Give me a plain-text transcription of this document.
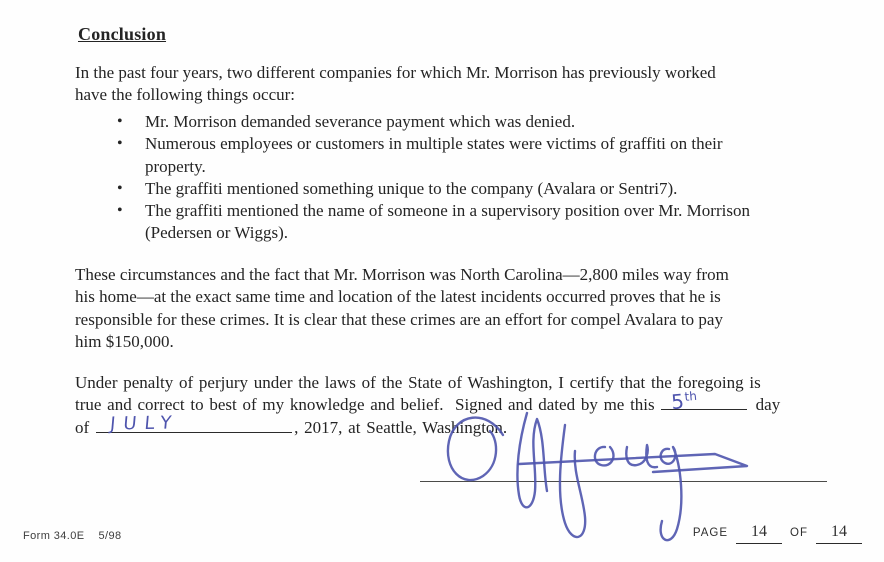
Conclusion
In the past four years, two different companies for which Mr. Morrison has previously worked
have the following things occur:
• Mr. Morrison demanded severance payment which was denied.
• Numerous employees or customers in multiple states were victims of graffiti on their
property.
• The graffiti mentioned something unique to the company (Avalara or Sentri7).
• The graffiti mentioned the name of someone in a supervisory position over Mr. Morrison
(Pedersen or Wiggs).
These circumstances and the fact that Mr. Morrison was North Carolina—2,800 miles way from
his home—at the exact same time and location of the latest incidents occurred proves that he is
responsible for these crimes. It is clear that these crimes are an effort for compel Avalara to pay
him $150,000.
Under penalty of perjury under the laws of the State of Washington, I certify that the foregoing is
true and correct to best of my knowledge and belief.  Signed and dated by me this 5th	day
of JULY	, 2017, at Seattle, Washington.
Form 34.0E 5/98	PAGE	14	OF	14
